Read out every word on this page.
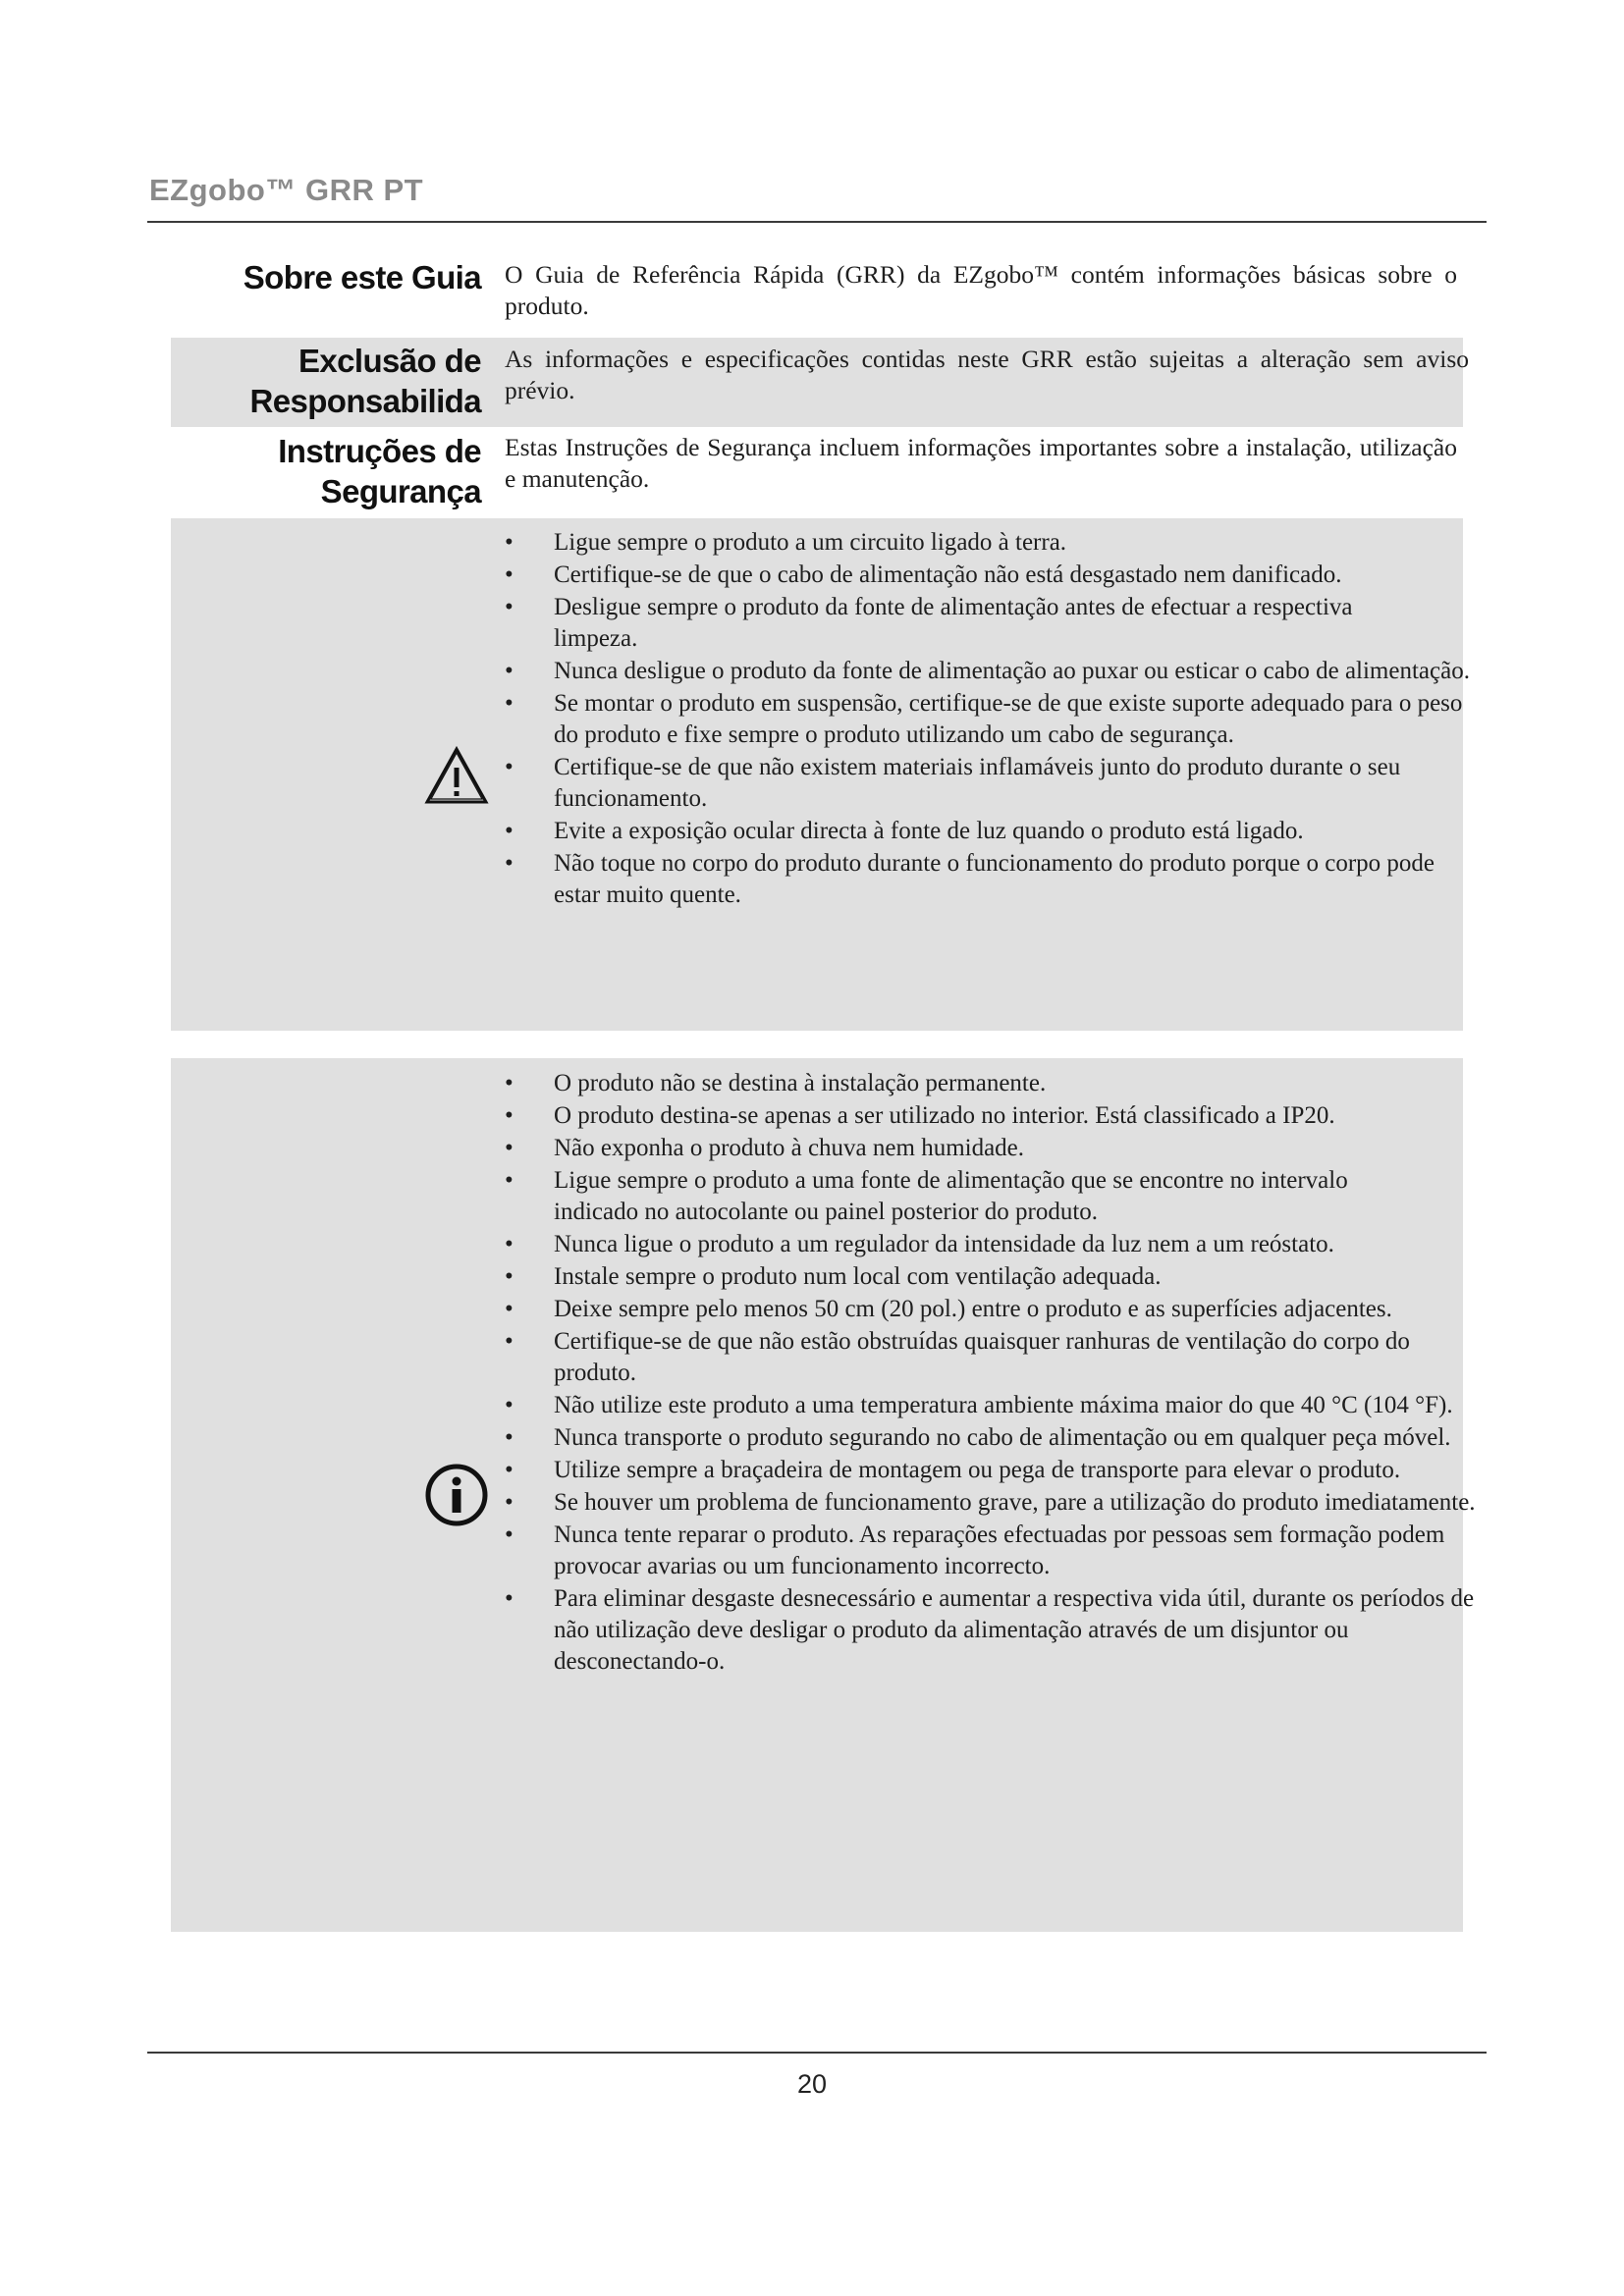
EZgobo™ GRR PT
Sobre este Guia O Guia de Referência Rápida (GRR) da EZgobo™ contém informações básicas sobre o produto.
Exclusão de
Responsabilida
As informações e especificações contidas neste GRR estão sujeitas a alteração sem aviso prévio.
Instruções de
Segurança
Estas Instruções de Segurança incluem informações importantes sobre a instalação, utilização e manutenção.
• Ligue sempre o produto a um circuito ligado à terra.
• Certifique-se de que o cabo de alimentação não está desgastado nem danificado.
• Desligue sempre o produto da fonte de alimentação antes de efectuar a respectiva limpeza.
• Nunca desligue o produto da fonte de alimentação ao puxar ou esticar o cabo de alimentação.
• Se montar o produto em suspensão, certifique-se de que existe suporte adequado para o peso do produto e fixe sempre o produto utilizando um cabo de segurança.
• Certifique-se de que não existem materiais inflamáveis junto do produto durante o seu funcionamento.
• Evite a exposição ocular directa à fonte de luz quando o produto está ligado.
• Não toque no corpo do produto durante o funcionamento do produto porque o corpo pode estar muito quente.
• O produto não se destina à instalação permanente.
• O produto destina-se apenas a ser utilizado no interior. Está classificado a IP20.
• Não exponha o produto à chuva nem humidade.
• Ligue sempre o produto a uma fonte de alimentação que se encontre no intervalo indicado no autocolante ou painel posterior do produto.
• Nunca ligue o produto a um regulador da intensidade da luz nem a um reóstato.
• Instale sempre o produto num local com ventilação adequada.
• Deixe sempre pelo menos 50 cm (20 pol.) entre o produto e as superfícies adjacentes.
• Certifique-se de que não estão obstruídas quaisquer ranhuras de ventilação do corpo do produto.
• Não utilize este produto a uma temperatura ambiente máxima maior do que 40 °C (104 °F).
• Nunca transporte o produto segurando no cabo de alimentação ou em qualquer peça móvel.
• Utilize sempre a braçadeira de montagem ou pega de transporte para elevar o produto.
• Se houver um problema de funcionamento grave, pare a utilização do produto imediatamente.
• Nunca tente reparar o produto. As reparações efectuadas por pessoas sem formação podem provocar avarias ou um funcionamento incorrecto.
• Para eliminar desgaste desnecessário e aumentar a respectiva vida útil, durante os períodos de não utilização deve desligar o produto da alimentação através de um disjuntor ou desconectando-o.
20
